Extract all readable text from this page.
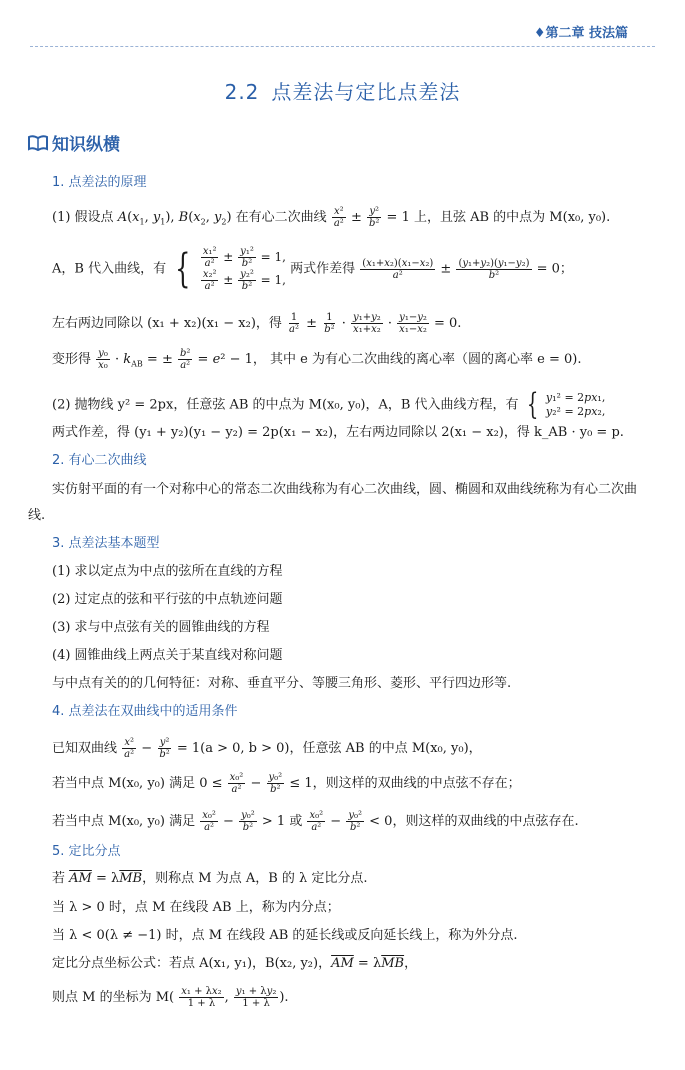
♦第二章 技法篇
2.2 点差法与定比点差法
知识纵横
1. 点差法的原理
(1) 假设点 $A(x_1$, $y_1$), $B(x_2$, $y_2$) 在有心二次曲线 $\frac{\text{x²}}{\text{a²}} \pm \frac{\text{y²}}{\text{b²}} = 1$ 上，且弦 AB 的中点为 M(x₀, y₀).
A，B 代入曲线，有 { $\frac{\text{x₁²}}{\text{a²}} \pm \frac{\text{y₁²}}{\text{b²}} = 1$,
$\frac{\text{x₂²}}{\text{a²}} \pm \frac{\text{y₂²}}{\text{b²}} = 1$,
两式作差得 $\frac{\text{(x₁+x₂)(x₁−x₂)}}{\text{a²}} \pm \frac{\text{(y₁+y₂)(y₁−y₂)}}{\text{b²}} = 0$；
左右两边同除以 (x₁ + x₂)(x₁ − x₂)，得 $\frac{1}{\text{a²}} \pm \frac{1}{\text{b²}} \cdot \frac{\text{y₁+y₂}}{\text{x₁+x₂}} \cdot \frac{\text{y₁−y₂}}{\text{x₁−x₂}} = 0$.
变形得 $\frac{\text{y₀}}{\text{x₀}} \cdot k_{AB}$ = ± $\frac{\text{b²}}{\text{a²}} = e^2 - 1$， 其中 e 为有心二次曲线的离心率（圆的离心率 e = 0).
(2) 抛物线 y² = 2px，任意弦 AB 的中点为 M(x₀, y₀)，A，B 代入曲线方程，有 { y₁² = 2px₁,
y₂² = 2px₂,
两式作差，得 (y₁ + y₂)(y₁ − y₂) = 2p(x₁ − x₂)，左右两边同除以 2(x₁ − x₂)，得 k_AB · y₀ = p.
2. 有心二次曲线
实仿射平面的有一个对称中心的常态二次曲线称为有心二次曲线，圆、椭圆和双曲线统称为有心二次曲线.
3. 点差法基本题型
(1) 求以定点为中点的弦所在直线的方程
(2) 过定点的弦和平行弦的中点轨迹问题
(3) 求与中点弦有关的圆锥曲线的方程
(4) 圆锥曲线上两点关于某直线对称问题
与中点有关的的几何特征：对称、垂直平分、等腰三角形、菱形、平行四边形等.
4. 点差法在双曲线中的适用条件
已知双曲线 $\frac{\text{x²}}{\text{a²}} - \frac{\text{y²}}{\text{b²}} = 1(a > 0$, b > 0)，任意弦 AB 的中点 M(x₀, y₀)，
若当中点 M(x₀, y₀) 满足 $0 \le \frac{\text{x₀²}}{\text{a²}} - \frac{\text{y₀²}}{\text{b²}} \le 1$，则这样的双曲线的中点弦不存在；
若当中点 M(x₀, y₀) 满足 $\frac{\text{x₀²}}{\text{a²}} - \frac{\text{y₀²}}{\text{b²}} > 1$ 或 $\frac{\text{x₀²}}{\text{a²}} - \frac{\text{y₀²}}{\text{b²}} < 0$，则这样的双曲线的中点弦存在.
5. 定比分点
若 $\overline{AM} = \lambda\overline{MB}$，则称点 M 为点 A，B 的 λ 定比分点.
当 λ > 0 时，点 M 在线段 AB 上，称为内分点；
当 λ < 0(λ ≠ −1) 时，点 M 在线段 AB 的延长线或反向延长线上，称为外分点.
定比分点坐标公式：若点 A(x₁, y₁)，B(x₂, y₂)，$\overline{AM} = \lambda\overline{MB}$，
则点 M 的坐标为 $M( \frac{\text{x₁ + λx₂}}{1 + \lambda}$ , $\frac{\text{y₁ + λy₂}}{1 + \lambda}$ ).
